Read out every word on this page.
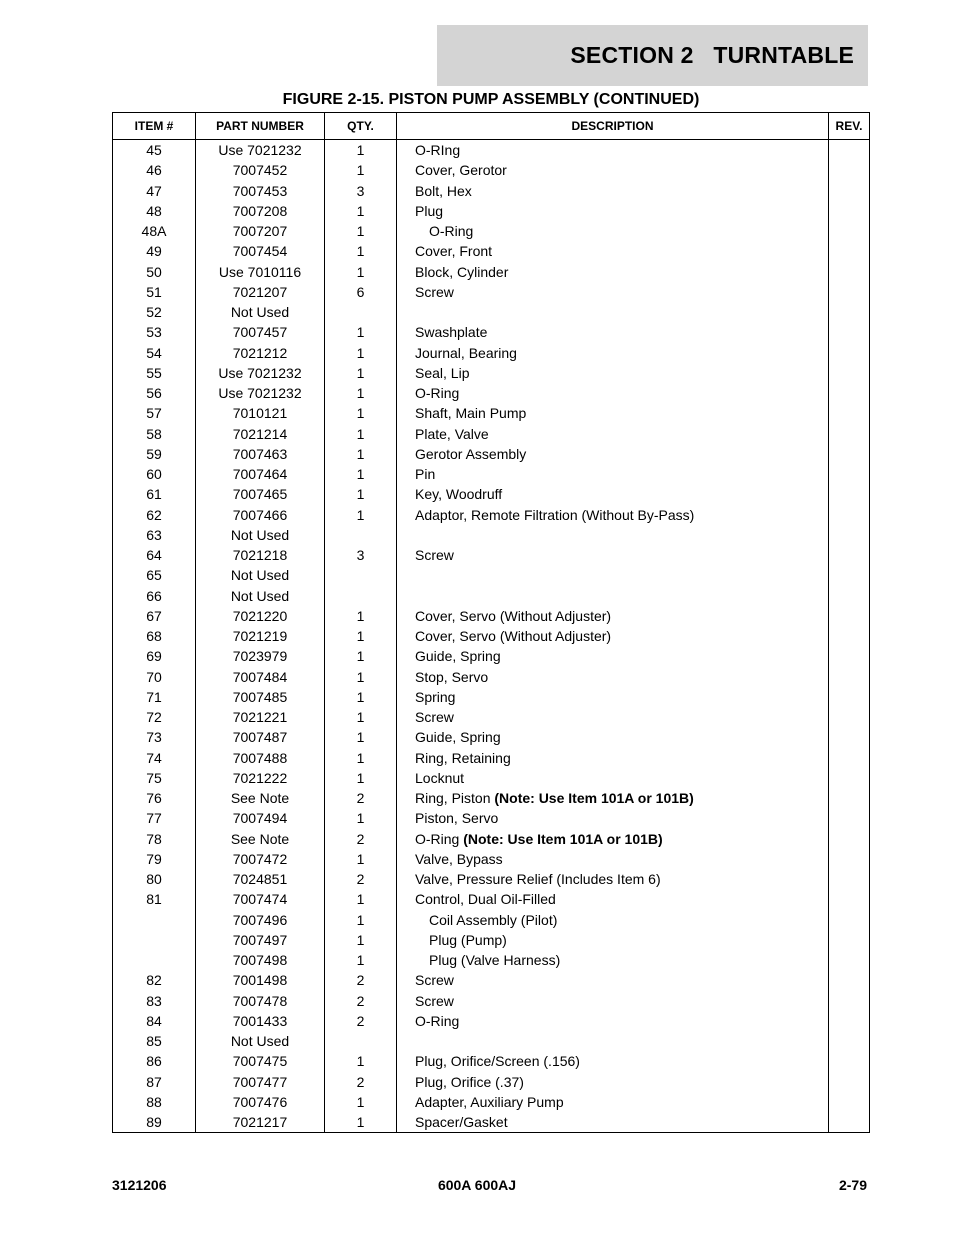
SECTION 2   TURNTABLE
FIGURE 2-15. PISTON PUMP ASSEMBLY (CONTINUED)
ITEM #	PART NUMBER	QTY.	DESCRIPTION	REV.
45	Use 7021232	1	O-RIng	
46	7007452	1	Cover, Gerotor	
47	7007453	3	Bolt, Hex	
48	7007208	1	Plug	
48A	7007207	1	O-Ring	
49	7007454	1	Cover, Front	
50	Use 7010116	1	Block, Cylinder	
51	7021207	6	Screw	
52	Not Used			
53	7007457	1	Swashplate	
54	7021212	1	Journal, Bearing	
55	Use 7021232	1	Seal, Lip	
56	Use 7021232	1	O-Ring	
57	7010121	1	Shaft, Main Pump	
58	7021214	1	Plate, Valve	
59	7007463	1	Gerotor Assembly	
60	7007464	1	Pin	
61	7007465	1	Key, Woodruff	
62	7007466	1	Adaptor, Remote Filtration (Without By-Pass)	
63	Not Used			
64	7021218	3	Screw	
65	Not Used			
66	Not Used			
67	7021220	1	Cover, Servo (Without Adjuster)	
68	7021219	1	Cover, Servo (Without Adjuster)	
69	7023979	1	Guide, Spring	
70	7007484	1	Stop, Servo	
71	7007485	1	Spring	
72	7021221	1	Screw	
73	7007487	1	Guide, Spring	
74	7007488	1	Ring, Retaining	
75	7021222	1	Locknut	
76	See Note	2	Ring, Piston (Note: Use Item 101A or 101B)	
77	7007494	1	Piston, Servo	
78	See Note	2	O-Ring (Note: Use Item 101A or 101B)	
79	7007472	1	Valve, Bypass	
80	7024851	2	Valve, Pressure Relief (Includes Item 6)	
81	7007474	1	Control, Dual Oil-Filled	
	7007496	1	Coil Assembly (Pilot)	
	7007497	1	Plug (Pump)	
	7007498	1	Plug (Valve Harness)	
82	7001498	2	Screw	
83	7007478	2	Screw	
84	7001433	2	O-Ring	
85	Not Used			
86	7007475	1	Plug, Orifice/Screen (.156)	
87	7007477	2	Plug, Orifice (.37)	
88	7007476	1	Adapter, Auxiliary Pump	
89	7021217	1	Spacer/Gasket	
3121206	600A 600AJ	2-79
